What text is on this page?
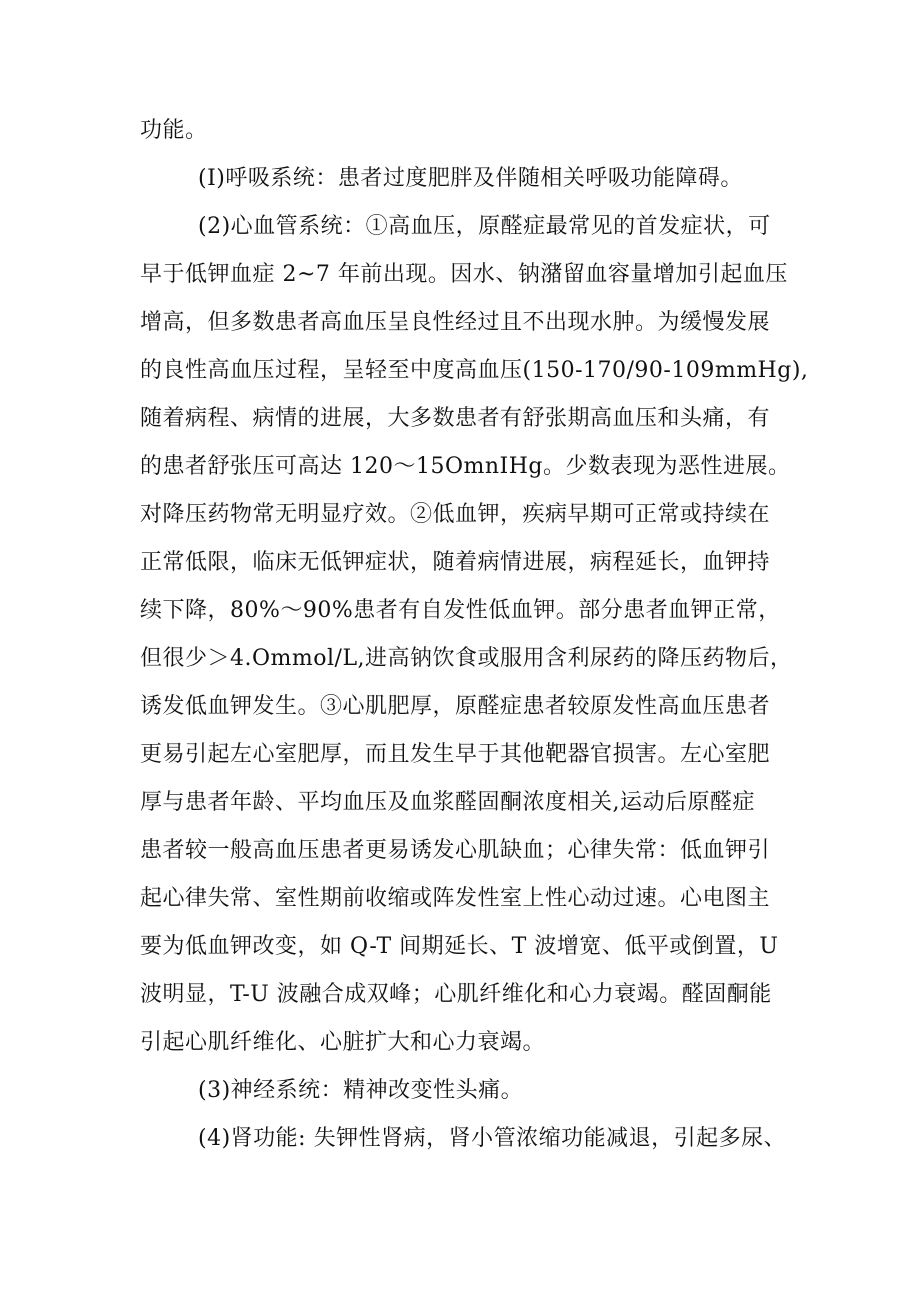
功能。
(I)呼吸系统：患者过度肥胖及伴随相关呼吸功能障碍。
(2)心血管系统：①高血压，原醛症最常见的首发症状，可
早于低钾血症 2~7 年前出现。因水、钠潴留血容量增加引起血压
增高，但多数患者高血压呈良性经过且不出现水肿。为缓慢发展
的良性高血压过程，呈轻至中度高血压(150-170/90-109mmHg),
随着病程、病情的进展，大多数患者有舒张期高血压和头痛，有
的患者舒张压可高达 120～15OmnIHg。少数表现为恶性进展。
对降压药物常无明显疗效。②低血钾，疾病早期可正常或持续在
正常低限，临床无低钾症状，随着病情进展，病程延长，血钾持
续下降，80%～90%患者有自发性低血钾。部分患者血钾正常，
但很少＞4.Ommol/L,进高钠饮食或服用含利尿药的降压药物后，
诱发低血钾发生。③心肌肥厚，原醛症患者较原发性高血压患者
更易引起左心室肥厚，而且发生早于其他靶器官损害。左心室肥
厚与患者年龄、平均血压及血浆醛固酮浓度相关,运动后原醛症
患者较一般高血压患者更易诱发心肌缺血；心律失常：低血钾引
起心律失常、室性期前收缩或阵发性室上性心动过速。心电图主
要为低血钾改变，如 Q-T 间期延长、T 波增宽、低平或倒置，U
波明显，T-U 波融合成双峰；心肌纤维化和心力衰竭。醛固酮能
引起心肌纤维化、心脏扩大和心力衰竭。
(3)神经系统：精神改变性头痛。
(4)肾功能: 失钾性肾病，肾小管浓缩功能减退，引起多尿、
